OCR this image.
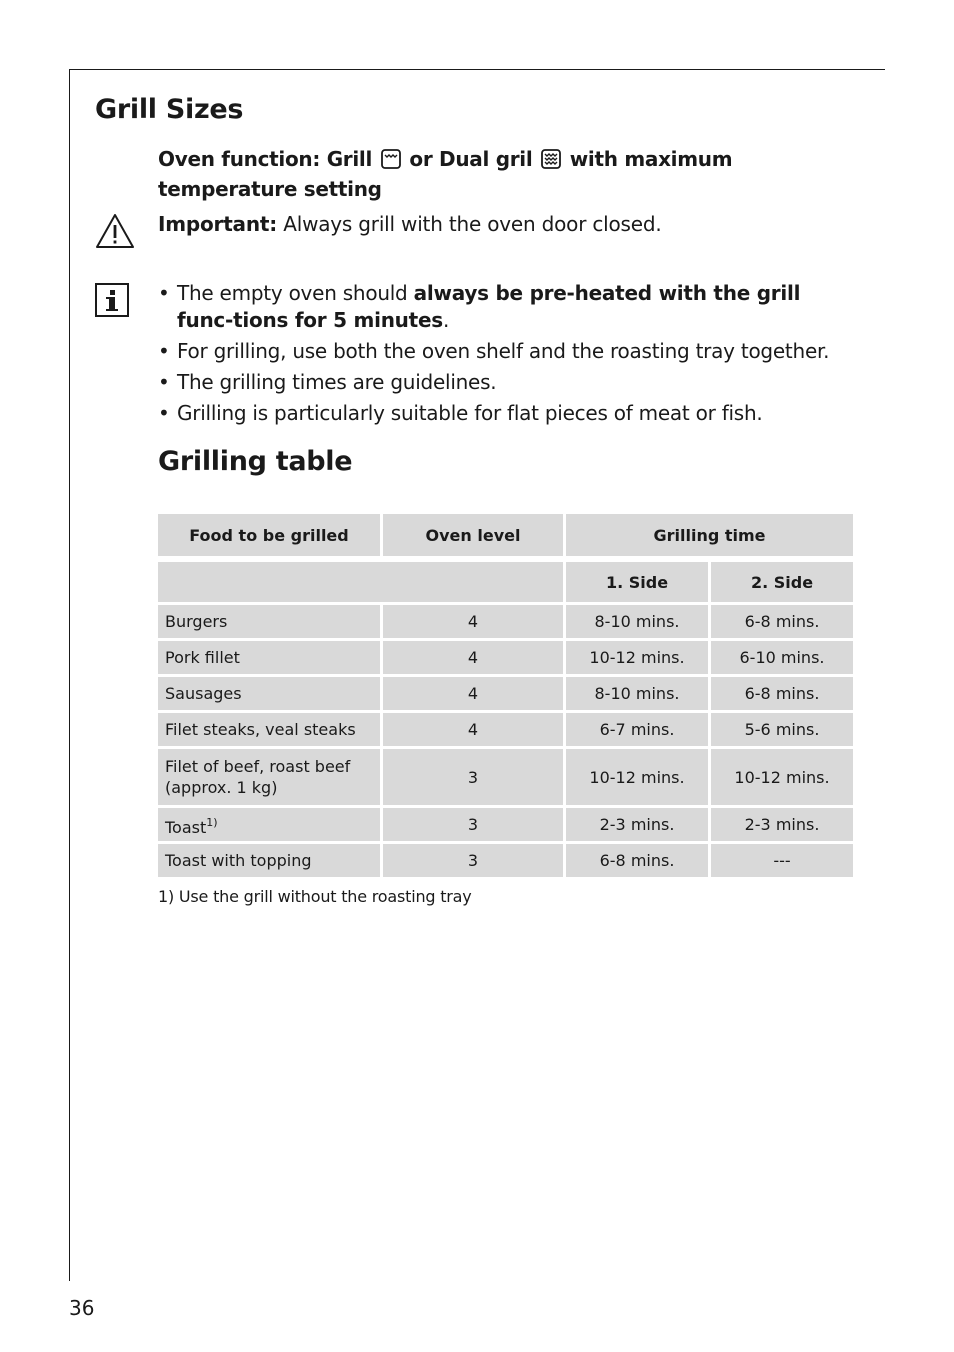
Grill Sizes
Oven function: Grill or Dual gril with maximum temperature setting
Important: Always grill with the oven door closed.
• The empty oven should always be pre-heated with the grill func-tions for 5 minutes.
• For grilling, use both the oven shelf and the roasting tray together.
• The grilling times are guidelines.
• Grilling is particularly suitable for flat pieces of meat or fish.
Grilling table
Food to be grilled	Oven level	Grilling time	

		1. Side	2. Side
Burgers	4	8-10 mins.	6-8 mins.
Pork fillet	4	10-12 mins.	6-10 mins.
Sausages	4	8-10 mins.	6-8 mins.
Filet steaks, veal steaks	4	6-7 mins.	5-6 mins.
Filet of beef, roast beef
(approx. 1 kg)	3	10-12 mins.	10-12 mins.
Toast$^{1)}$	3	2-3 mins.	2-3 mins.
Toast with topping	3	6-8 mins.	---
1) Use the grill without the roasting tray
36
